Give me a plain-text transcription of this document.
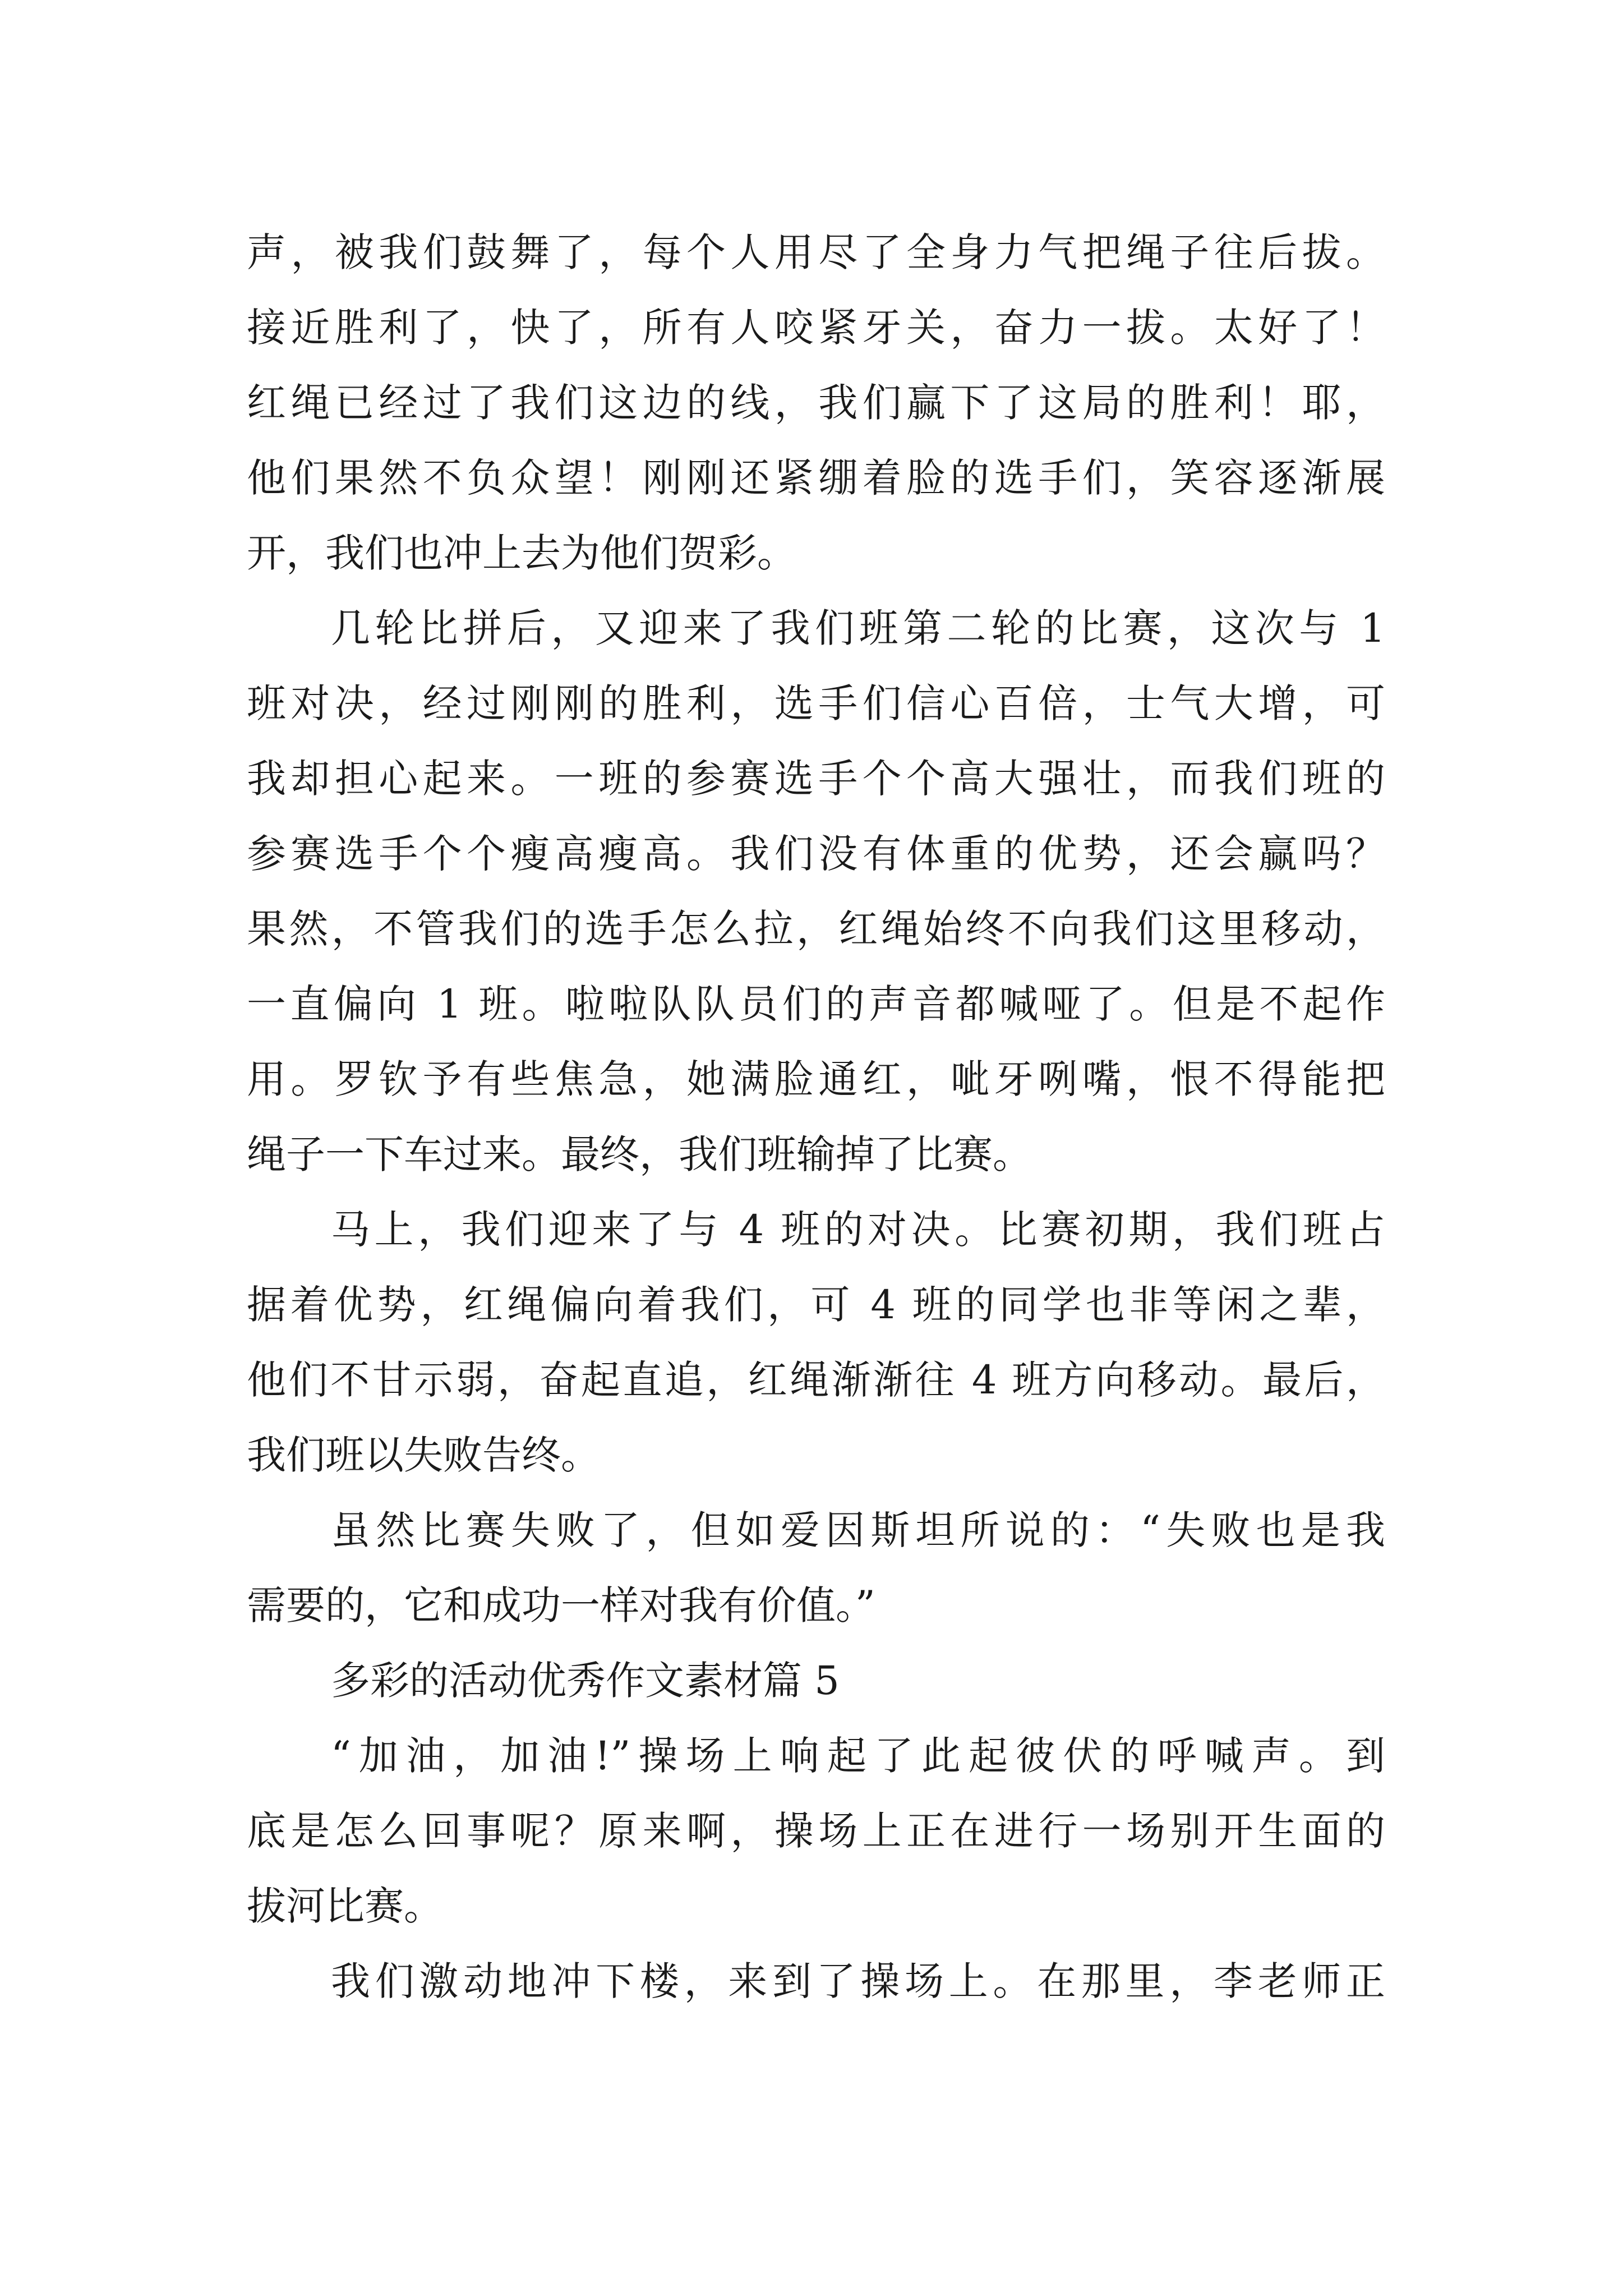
声，被我们鼓舞了，每个人用尽了全身力气把绳子往后拔。
接近胜利了，快了，所有人咬紧牙关，奋力一拔。太好了！
红绳已经过了我们这边的线，我们赢下了这局的胜利！耶，
他们果然不负众望！刚刚还紧绷着脸的选手们，笑容逐渐展
开，我们也冲上去为他们贺彩。
几轮比拼后，又迎来了我们班第二轮的比赛，这次与 1
班对决，经过刚刚的胜利，选手们信心百倍，士气大增，可
我却担心起来。一班的参赛选手个个高大强壮，而我们班的
参赛选手个个瘦高瘦高。我们没有体重的优势，还会赢吗？
果然，不管我们的选手怎么拉，红绳始终不向我们这里移动，
一直偏向 1 班。啦啦队队员们的声音都喊哑了。但是不起作
用。罗钦予有些焦急，她满脸通红，呲牙咧嘴，恨不得能把
绳子一下车过来。最终，我们班输掉了比赛。
马上，我们迎来了与 4 班的对决。比赛初期，我们班占
据着优势，红绳偏向着我们，可 4 班的同学也非等闲之辈，
他们不甘示弱，奋起直追，红绳渐渐往 4 班方向移动。最后，
我们班以失败告终。
虽然比赛失败了，但如爱因斯坦所说的：“失败也是我
需要的，它和成功一样对我有价值。”
多彩的活动优秀作文素材篇 5
“加油，加油!”操场上响起了此起彼伏的呼喊声。到
底是怎么回事呢？原来啊，操场上正在进行一场别开生面的
拔河比赛。
我们激动地冲下楼，来到了操场上。在那里，李老师正
